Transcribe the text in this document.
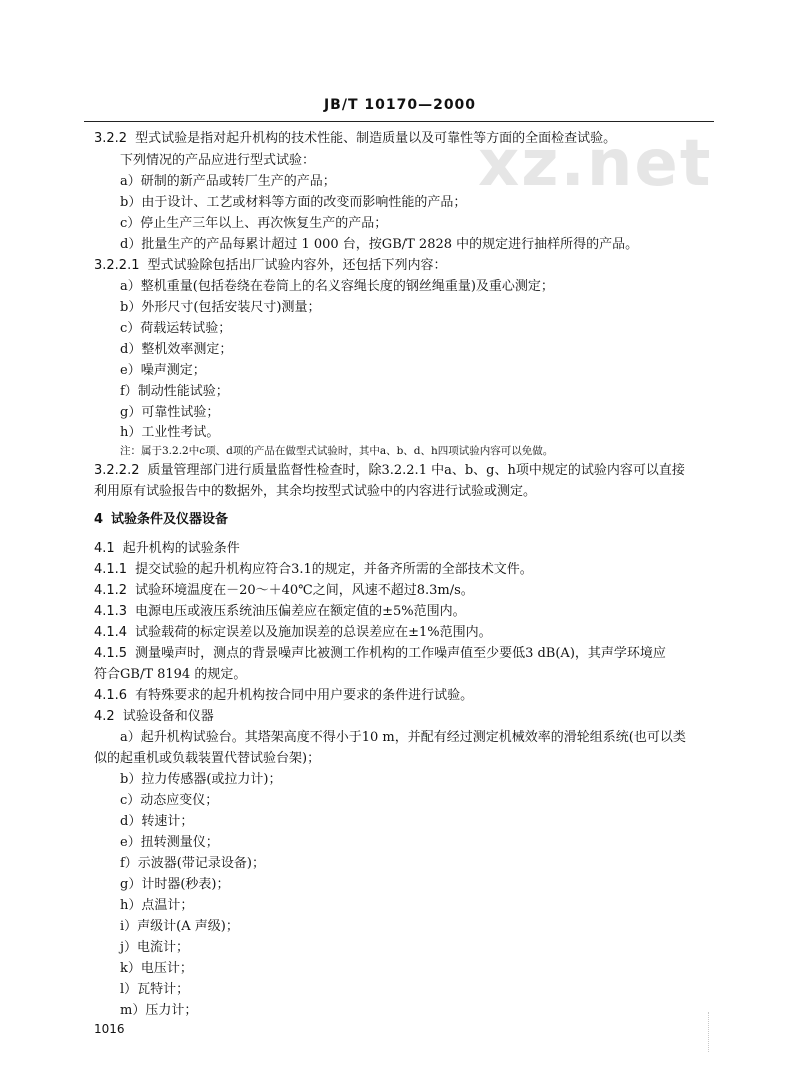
xz.net
JB/T 10170—2000
3.2.2 型式试验是指对起升机构的技术性能、制造质量以及可靠性等方面的全面检查试验。
下列情况的产品应进行型式试验：
a）研制的新产品或转厂生产的产品；
b）由于设计、工艺或材料等方面的改变而影响性能的产品；
c）停止生产三年以上、再次恢复生产的产品；
d）批量生产的产品每累计超过 1 000 台，按GB/T 2828 中的规定进行抽样所得的产品。
3.2.2.1 型式试验除包括出厂试验内容外，还包括下列内容：
a）整机重量(包括卷绕在卷筒上的名义容绳长度的钢丝绳重量)及重心测定；
b）外形尺寸(包括安装尺寸)测量；
c）荷载运转试验；
d）整机效率测定；
e）噪声测定；
f）制动性能试验；
g）可靠性试验；
h）工业性考试。
注：属于3.2.2中c项、d项的产品在做型式试验时，其中a、b、d、h四项试验内容可以免做。
3.2.2.2 质量管理部门进行质量监督性检查时，除3.2.2.1 中a、b、g、h项中规定的试验内容可以直接
利用原有试验报告中的数据外，其余均按型式试验中的内容进行试验或测定。
4 试验条件及仪器设备
4.1 起升机构的试验条件
4.1.1 提交试验的起升机构应符合3.1的规定，并备齐所需的全部技术文件。
4.1.2 试验环境温度在－20～＋40℃之间，风速不超过8.3m/s。
4.1.3 电源电压或液压系统油压偏差应在额定值的±5%范围内。
4.1.4 试验载荷的标定误差以及施加误差的总误差应在±1%范围内。
4.1.5 测量噪声时，测点的背景噪声比被测工作机构的工作噪声值至少要低3 dB(A)，其声学环境应
符合GB/T 8194 的规定。
4.1.6 有特殊要求的起升机构按合同中用户要求的条件进行试验。
4.2 试验设备和仪器
a）起升机构试验台。其塔架高度不得小于10 m，并配有经过测定机械效率的滑轮组系统(也可以类
似的起重机或负载装置代替试验台架)；
b）拉力传感器(或拉力计)；
c）动态应变仪；
d）转速计；
e）扭转测量仪；
f）示波器(带记录设备)；
g）计时器(秒表)；
h）点温计；
i）声级计(A 声级)；
j）电流计；
k）电压计；
l）瓦特计；
m）压力计；
1016
